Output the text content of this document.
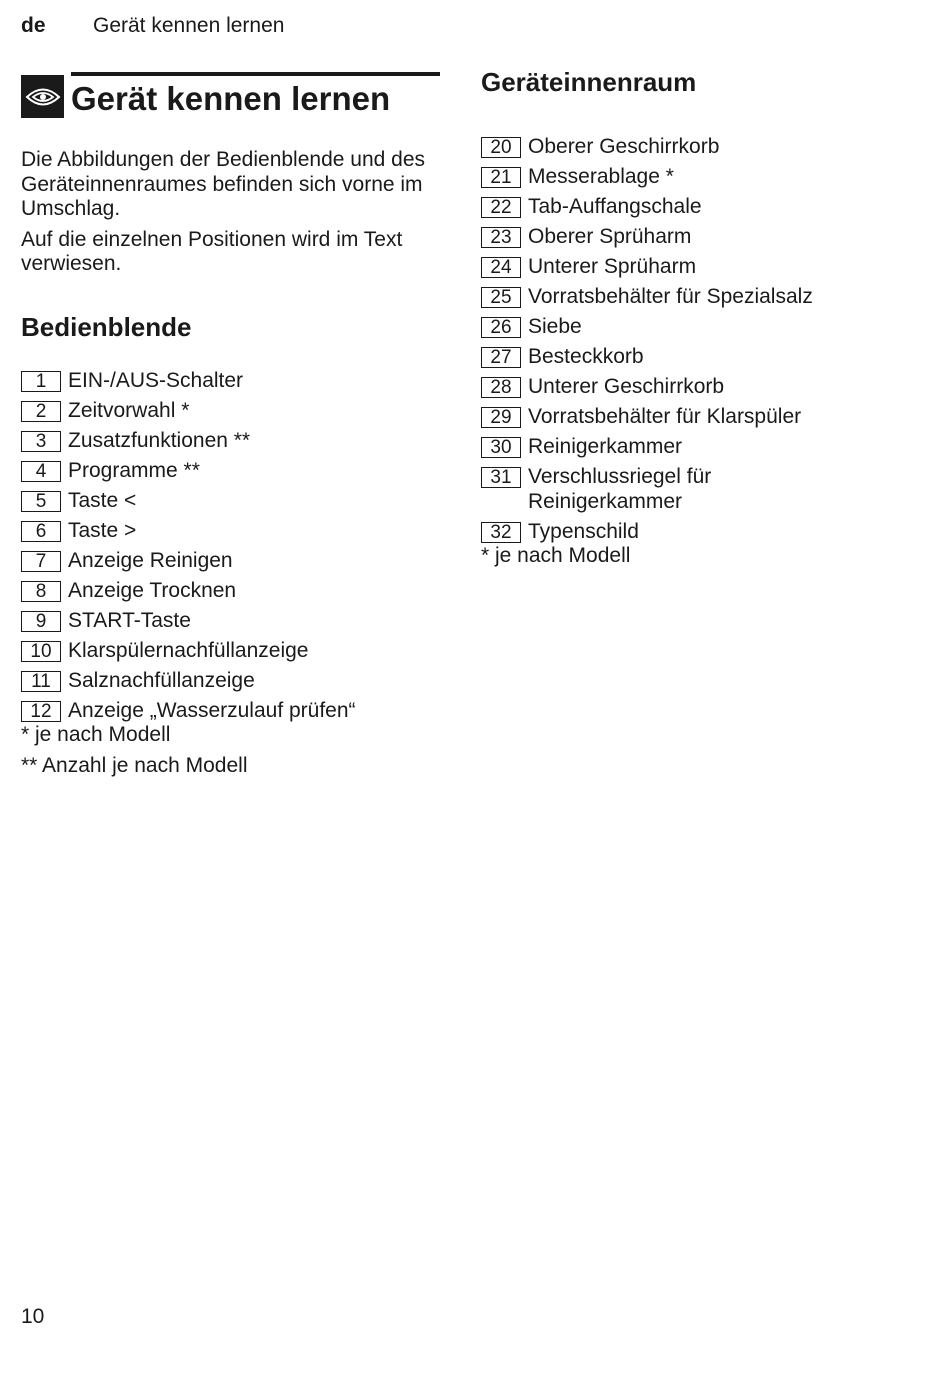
de Gerät kennen lernen
Gerät kennen lernen

Die Abbildungen der Bedienblende und des Geräteinnenraumes befinden sich vorne im Umschlag.

Auf die einzelnen Positionen wird im Text verwiesen.

Bedienblende
1	EIN-/AUS-Schalter
2	Zeitvorwahl *
3	Zusatzfunktionen **
4	Programme **
5	Taste <
6	Taste >
7	Anzeige Reinigen
8	Anzeige Trocknen
9	START-Taste
10 Klarspülernachfüllanzeige
11 Salznachfüllanzeige
12 Anzeige „Wasserzulauf prüfen“

* je nach Modell

** Anzahl je nach Modell

Geräteinnenraum
20 Oberer Geschirrkorb
21 Messerablage *
22 Tab-Auffangschale
23 Oberer Sprüharm
24 Unterer Sprüharm
25 Vorratsbehälter für Spezialsalz
26 Siebe
27 Besteckkorb
28 Unterer Geschirrkorb
29 Vorratsbehälter für Klarspüler
30 Reinigerkammer
31 Verschlussriegel für Reinigerkammer
32 Typenschild

* je nach Modell

10
